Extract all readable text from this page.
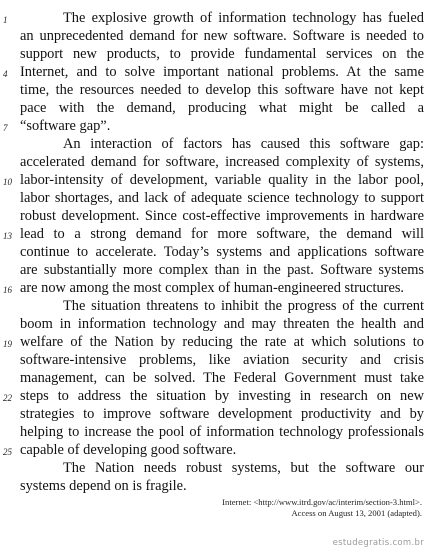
The explosive growth of information technology has fueled
an unprecedented demand for new software. Software is needed to
support new products, to provide fundamental services on the
Internet, and to solve important national problems. At the same
time, the resources needed to develop this software have not kept
pace with the demand, producing what might be called a
“software gap”.
An interaction of factors has caused this software gap:
accelerated demand for software, increased complexity of systems,
labor-intensity of development, variable quality in the labor pool,
labor shortages, and lack of adequate science technology to support
robust development. Since cost-effective improvements in hardware
lead to a strong demand for more software, the demand will
continue to accelerate. Today’s systems and applications software
are substantially more complex than in the past. Software systems
are now among the most complex of human-engineered structures.
The situation threatens to inhibit the progress of the current
boom in information technology and may threaten the health and
welfare of the Nation by reducing the rate at which solutions to
software-intensive problems, like aviation security and crisis
management, can be solved. The Federal Government must take
steps to address the situation by investing in research on new
strategies to improve software development productivity and by
helping to increase the pool of information technology professionals
capable of developing good software.
The Nation needs robust systems, but the software our
systems depend on is fragile.
1
4
7
10
13
16
19
22
25
Internet: <http://www.itrd.gov/ac/interim/section-3.html>.
Access on August 13, 2001 (adapted).
estudegratis.com.br
